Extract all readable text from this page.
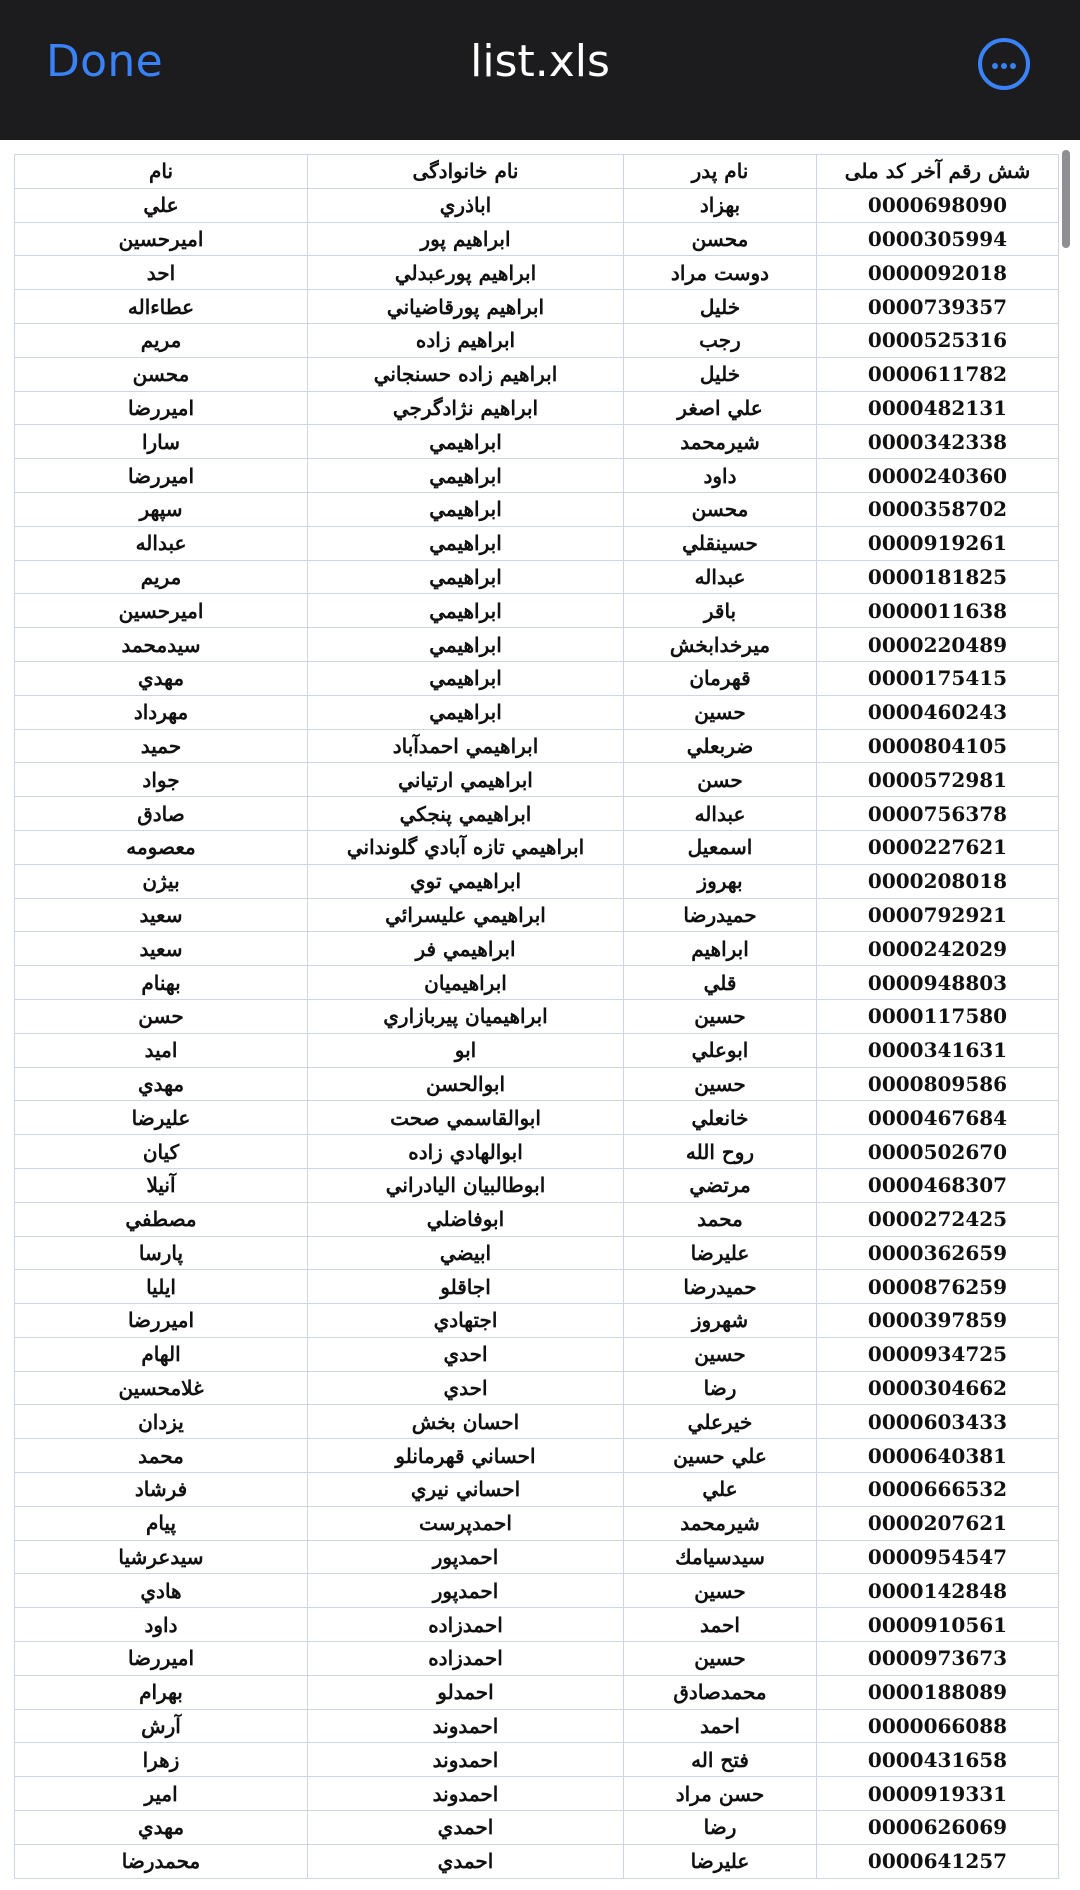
Done	list.xls
شش رقم آخر کد ملی	نام پدر	نام خانوادگی	نام
0000698090	بهزاد	اباذري	علي
0000305994	محسن	ابراهيم پور	اميرحسين
0000092018	دوست مراد	ابراهيم پورعبدلي	احد
0000739357	خليل	ابراهيم پورقاضياني	عطاءاله
0000525316	رجب	ابراهيم زاده	مريم
0000611782	خليل	ابراهيم زاده حسنجاني	محسن
0000482131	علي اصغر	ابراهيم نژادگرجي	اميررضا
0000342338	شيرمحمد	ابراهيمي	سارا
0000240360	داود	ابراهيمي	اميررضا
0000358702	محسن	ابراهيمي	سپهر
0000919261	حسينقلي	ابراهيمي	عبداله
0000181825	عبداله	ابراهيمي	مريم
0000011638	باقر	ابراهيمي	اميرحسين
0000220489	ميرخدابخش	ابراهيمي	سيدمحمد
0000175415	قهرمان	ابراهيمي	مهدي
0000460243	حسين	ابراهيمي	مهرداد
0000804105	ضربعلي	ابراهيمي احمدآباد	حميد
0000572981	حسن	ابراهيمي ارتياني	جواد
0000756378	عبداله	ابراهيمي پنجكي	صادق
0000227621	اسمعيل	ابراهيمي تازه آبادي گلونداني	معصومه
0000208018	بهروز	ابراهيمي توي	بيژن
0000792921	حميدرضا	ابراهيمي عليسرائي	سعيد
0000242029	ابراهيم	ابراهيمي فر	سعيد
0000948803	قلي	ابراهيميان	بهنام
0000117580	حسين	ابراهيميان پيربازاري	حسن
0000341631	ابوعلي	ابو	اميد
0000809586	حسين	ابوالحسن	مهدي
0000467684	خانعلي	ابوالقاسمي صحت	عليرضا
0000502670	روح الله	ابوالهادي زاده	كيان
0000468307	مرتضي	ابوطالبيان اليادراني	آنيلا
0000272425	محمد	ابوفاضلي	مصطفي
0000362659	عليرضا	ابيضي	پارسا
0000876259	حميدرضا	اجاقلو	ايليا
0000397859	شهروز	اجتهادي	اميررضا
0000934725	حسين	احدي	الهام
0000304662	رضا	احدي	غلامحسين
0000603433	خيرعلي	احسان بخش	يزدان
0000640381	علي حسين	احساني قهرمانلو	محمد
0000666532	علي	احساني نيري	فرشاد
0000207621	شيرمحمد	احمدپرست	پيام
0000954547	سيدسيامك	احمدپور	سيدعرشيا
0000142848	حسين	احمدپور	هادي
0000910561	احمد	احمدزاده	داود
0000973673	حسين	احمدزاده	اميررضا
0000188089	محمدصادق	احمدلو	بهرام
0000066088	احمد	احمدوند	آرش
0000431658	فتح اله	احمدوند	زهرا
0000919331	حسن مراد	احمدوند	امير
0000626069	رضا	احمدي	مهدي
0000641257	عليرضا	احمدي	محمدرضا
